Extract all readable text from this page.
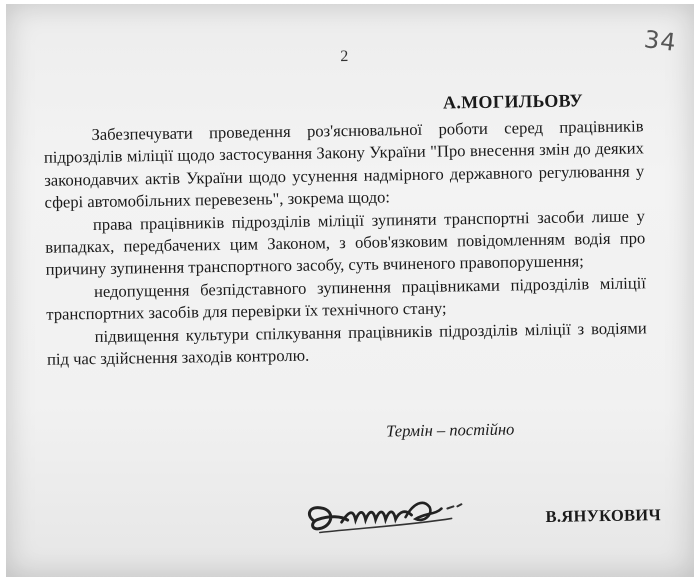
2	34
А.МОГИЛЬОВУ

Забезпечувати проведення роз'яснювальної роботи серед працівників підрозділів міліції щодо застосування Закону України "Про внесення змін до деяких законодавчих актів України щодо усунення надмірного державного регулювання у сфері автомобільних перевезень", зокрема щодо:

права працівників підрозділів міліції зупиняти транспортні засоби лише у випадках, передбачених цим Законом, з обов'язковим повідомленням водія про причину зупинення транспортного засобу, суть вчиненого правопорушення;

недопущення безпідставного зупинення працівниками підрозділів міліції транспортних засобів для перевірки їх технічного стану;

підвищення культури спілкування працівників підрозділів міліції з водіями під час здійснення заходів контролю.

Термін – постійно
В.ЯНУКОВИЧ
